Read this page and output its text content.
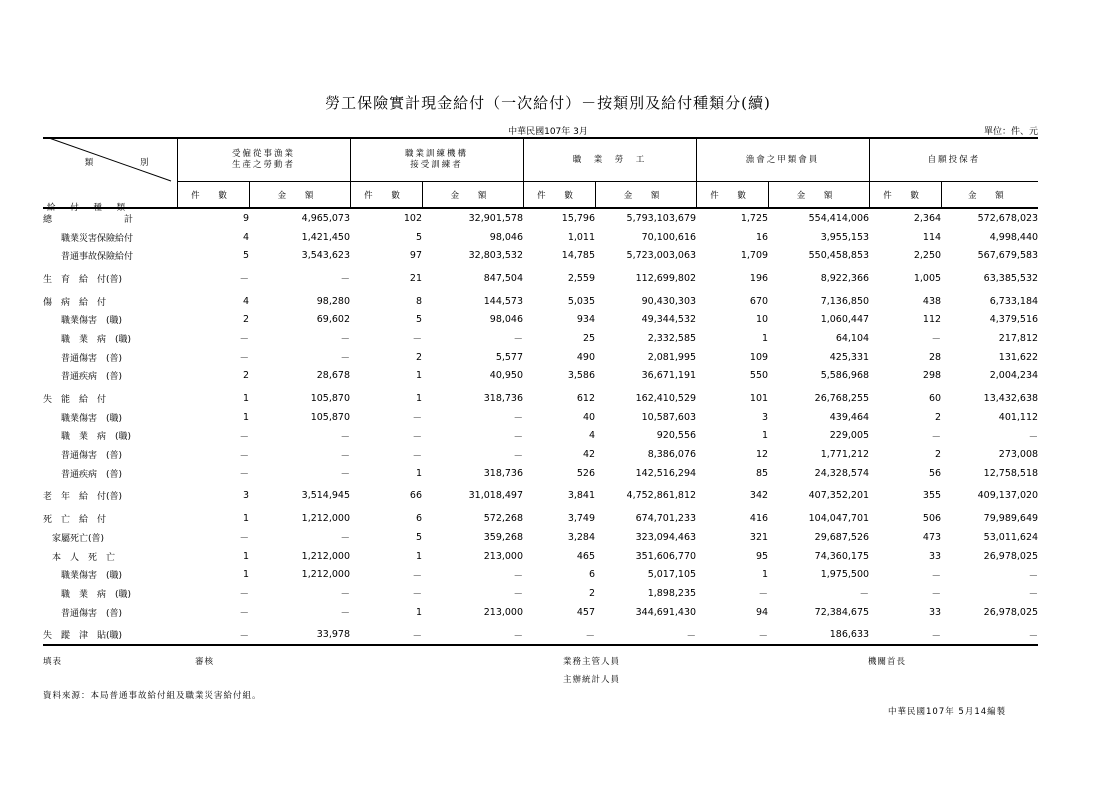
勞工保險實計現金給付（一次給付）－按類別及給付種類分(續)
中華民國107年 3月	單位：件、元
類 別
給 付 種 類	受僱從事漁業
生產之勞動者		職業訓練機構
接受訓練者		職　業　勞　工		漁會之甲類會員		自願投保者	
	件 數	金 額	件 數	金 額	件 數	金 額	件 數	金 額	件 數	金 額
總　　　　　　　　計	9	4,965,073	102	32,901,578	15,796	5,793,103,679	1,725	554,414,006	2,364	572,678,023
　　職業災害保險給付	4	1,421,450	5	98,046	1,011	70,100,616	16	3,955,153	114	4,998,440
　　普通事故保險給付	5	3,543,623	97	32,803,532	14,785	5,723,003,063	1,709	550,458,853	2,250	567,679,583

生　育　給　付(普)	－	－	21	847,504	2,559	112,699,802	196	8,922,366	1,005	63,385,532

傷　病　給　付	4	98,280	8	144,573	5,035	90,430,303	670	7,136,850	438	6,733,184
　　職業傷害　(職)	2	69,602	5	98,046	934	49,344,532	10	1,060,447	112	4,379,516
　　職　業　病　(職)	－	－	－	－	25	2,332,585	1	64,104	－	217,812
　　普通傷害　(普)	－	－	2	5,577	490	2,081,995	109	425,331	28	131,622
　　普通疾病　(普)	2	28,678	1	40,950	3,586	36,671,191	550	5,586,968	298	2,004,234

失　能　給　付	1	105,870	1	318,736	612	162,410,529	101	26,768,255	60	13,432,638
　　職業傷害　(職)	1	105,870	－	－	40	10,587,603	3	439,464	2	401,112
　　職　業　病　(職)	－	－	－	－	4	920,556	1	229,005	－	－
　　普通傷害　(普)	－	－	－	－	42	8,386,076	12	1,771,212	2	273,008
　　普通疾病　(普)	－	－	1	318,736	526	142,516,294	85	24,328,574	56	12,758,518

老　年　給　付(普)	3	3,514,945	66	31,018,497	3,841	4,752,861,812	342	407,352,201	355	409,137,020

死　亡　給　付	1	1,212,000	6	572,268	3,749	674,701,233	416	104,047,701	506	79,989,649
　家屬死亡(普)	－	－	5	359,268	3,284	323,094,463	321	29,687,526	473	53,011,624
　本　人　死　亡	1	1,212,000	1	213,000	465	351,606,770	95	74,360,175	33	26,978,025
　　職業傷害　(職)	1	1,212,000	－	－	6	5,017,105	1	1,975,500	－	－
　　職　業　病　(職)	－	－	－	－	2	1,898,235	－	－	－	－
　　普通傷害　(普)	－	－	1	213,000	457	344,691,430	94	72,384,675	33	26,978,025

失　蹤　津　貼(職)	－	33,978	－	－	－	－	－	186,633	－	－
填表	審核	業務主管人員	機關首長
主辦統計人員
資料來源：本局普通事故給付組及職業災害給付組。
中華民國107年 5月14編製
